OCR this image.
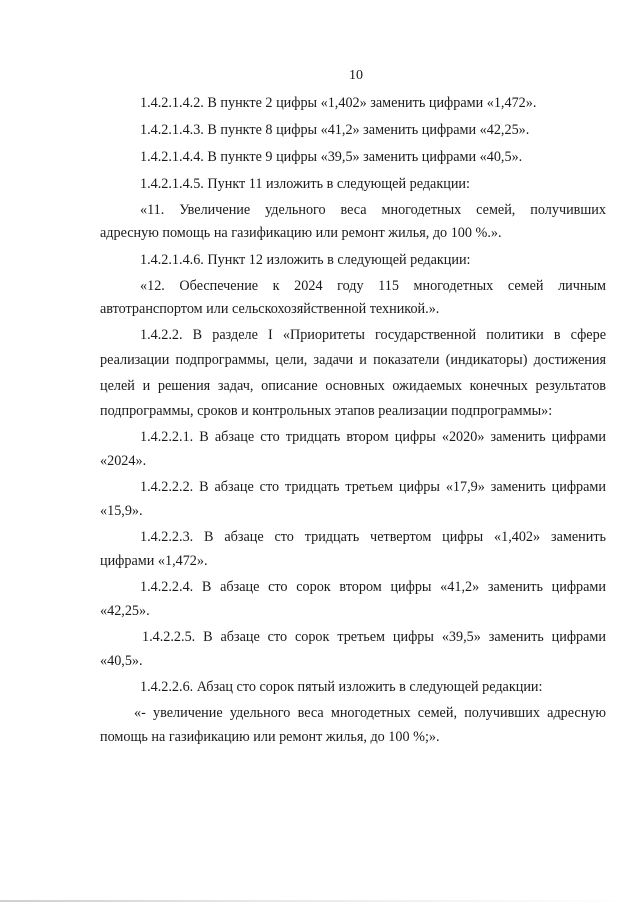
10
1.4.2.1.4.2. В пункте 2 цифры «1,402» заменить цифрами «1,472».
1.4.2.1.4.3. В пункте 8 цифры «41,2» заменить цифрами «42,25».
1.4.2.1.4.4. В пункте 9 цифры «39,5» заменить цифрами «40,5».
1.4.2.1.4.5. Пункт 11 изложить в следующей редакции:
«11. Увеличение удельного веса многодетных семей, получивших
адресную помощь на газификацию или ремонт жилья, до 100 %.».
1.4.2.1.4.6. Пункт 12 изложить в следующей редакции:
«12. Обеспечение к 2024 году 115 многодетных семей личным
автотранспортом или сельскохозяйственной техникой.».
1.4.2.2. В разделе I «Приоритеты государственной политики в сфере
реализации подпрограммы, цели, задачи и показатели (индикаторы) достижения
целей и решения задач, описание основных ожидаемых конечных результатов
подпрограммы, сроков и контрольных этапов реализации подпрограммы»:
1.4.2.2.1. В абзаце сто тридцать втором цифры «2020» заменить цифрами
«2024».
1.4.2.2.2. В абзаце сто тридцать третьем цифры «17,9» заменить цифрами
«15,9».
1.4.2.2.3. В абзаце сто тридцать четвертом цифры «1,402» заменить
цифрами «1,472».
1.4.2.2.4. В абзаце сто сорок втором цифры «41,2» заменить цифрами
«42,25».
1.4.2.2.5. В абзаце сто сорок третьем цифры «39,5» заменить цифрами
«40,5».
1.4.2.2.6. Абзац сто сорок пятый изложить в следующей редакции:
«- увеличение удельного веса многодетных семей, получивших адресную
помощь на газификацию или ремонт жилья, до 100 %;».
